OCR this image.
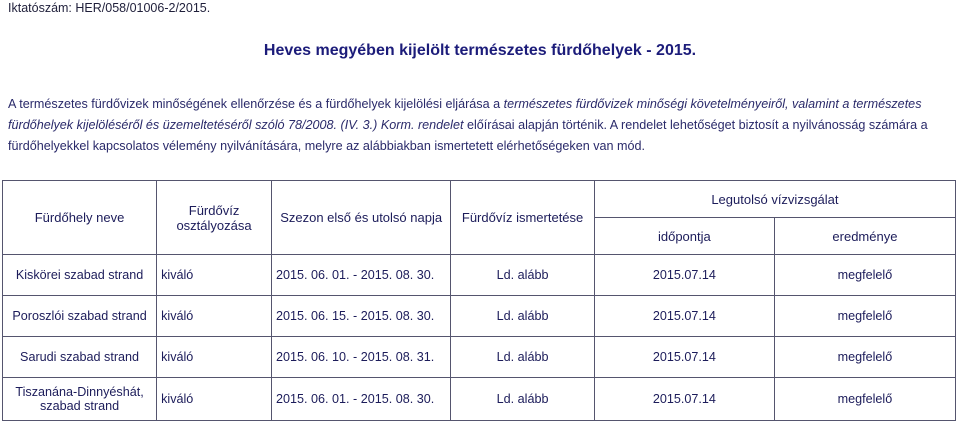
Iktatószám: HER/058/01006-2/2015.
Heves megyében kijelölt természetes fürdőhelyek - 2015.
A természetes fürdővizek minőségének ellenőrzése és a fürdőhelyek kijelölési eljárása a természetes fürdővizek minőségi követelményeiről, valamint a természetes fürdőhelyek kijelöléséről és üzemeltetéséről szóló 78/2008. (IV. 3.) Korm. rendelet előírásai alapján történik. A rendelet lehetőséget biztosít a nyilvánosság számára a fürdőhelyekkel kapcsolatos vélemény nyilvánítására, melyre az alábbiakban ismertetett elérhetőségeken van mód.
Fürdőhely neve	Fürdővíz osztályozása	Szezon első és utolsó napja	Fürdővíz ismertetése	Legutolsó vízvizsgálat	
				időpontja	eredménye
Kiskörei szabad strand	kiváló	2015. 06. 01. - 2015. 08. 30.	Ld. alább	2015.07.14	megfelelő
Poroszlói szabad strand	kiváló	2015. 06. 15. - 2015. 08. 30.	Ld. alább	2015.07.14	megfelelő
Sarudi szabad strand	kiváló	2015. 06. 10. - 2015. 08. 31.	Ld. alább	2015.07.14	megfelelő
Tiszanána-Dinnyéshát, szabad strand	kiváló	2015. 06. 01. - 2015. 08. 30.	Ld. alább	2015.07.14	megfelelő
